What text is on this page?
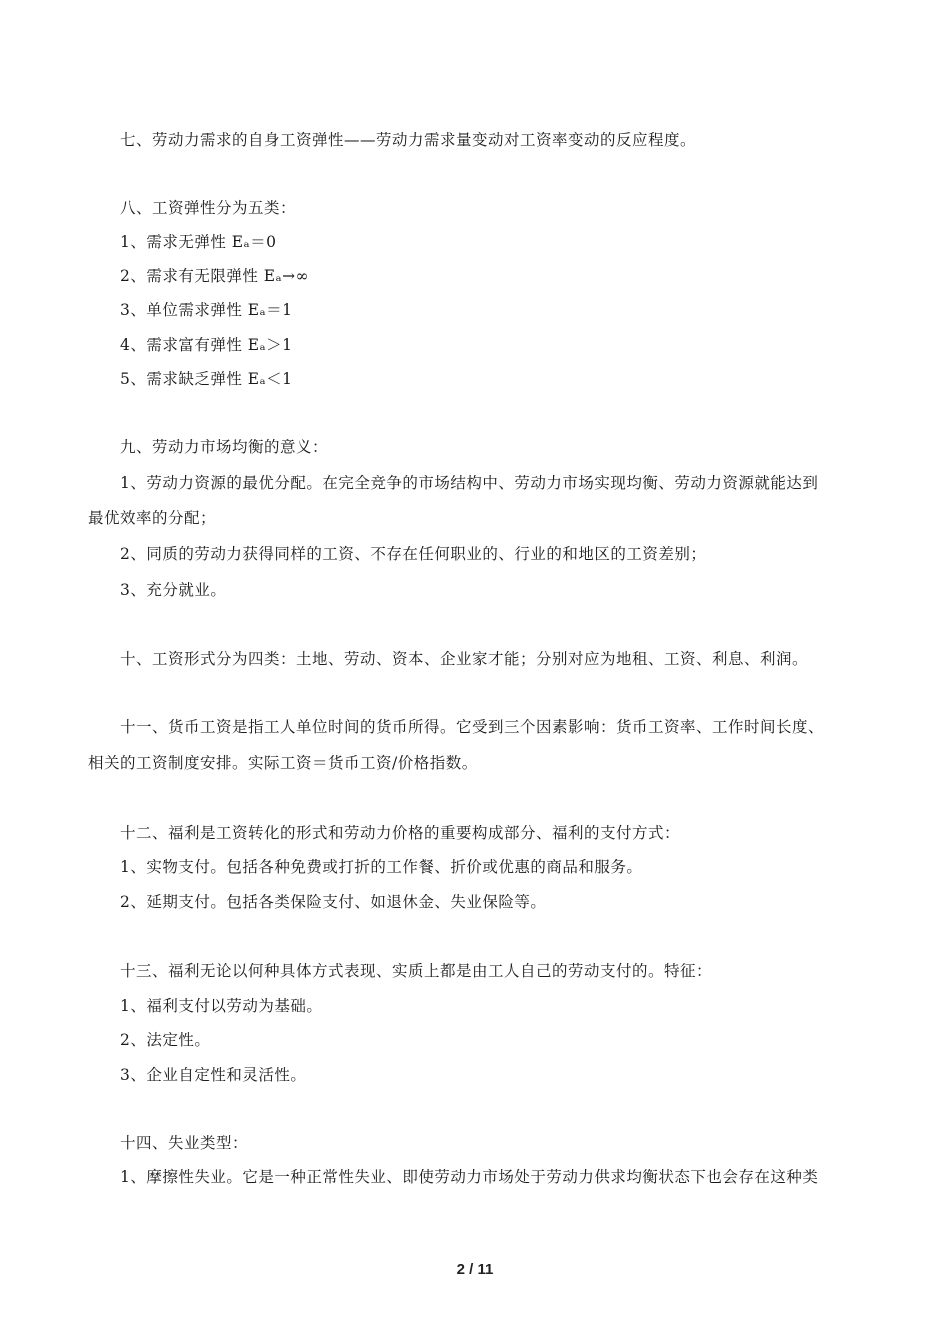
七、劳动力需求的自身工资弹性——劳动力需求量变动对工资率变动的反应程度。
八、工资弹性分为五类：
1、需求无弹性 Eₐ＝0
2、需求有无限弹性 Eₐ→∞
3、单位需求弹性 Eₐ＝1
4、需求富有弹性 Eₐ＞1
5、需求缺乏弹性 Eₐ＜1
九、劳动力市场均衡的意义：
1、劳动力资源的最优分配。在完全竞争的市场结构中、劳动力市场实现均衡、劳动力资源就能达到
最优效率的分配；
2、同质的劳动力获得同样的工资、不存在任何职业的、行业的和地区的工资差别；
3、充分就业。
十、工资形式分为四类：土地、劳动、资本、企业家才能；分别对应为地租、工资、利息、利润。
十一、货币工资是指工人单位时间的货币所得。它受到三个因素影响：货币工资率、工作时间长度、
相关的工资制度安排。实际工资＝货币工资/价格指数。
十二、福利是工资转化的形式和劳动力价格的重要构成部分、福利的支付方式：
1、实物支付。包括各种免费或打折的工作餐、折价或优惠的商品和服务。
2、延期支付。包括各类保险支付、如退休金、失业保险等。
十三、福利无论以何种具体方式表现、实质上都是由工人自己的劳动支付的。特征：
1、福利支付以劳动为基础。
2、法定性。
3、企业自定性和灵活性。
十四、失业类型：
1、摩擦性失业。它是一种正常性失业、即使劳动力市场处于劳动力供求均衡状态下也会存在这种类
2 / 11
